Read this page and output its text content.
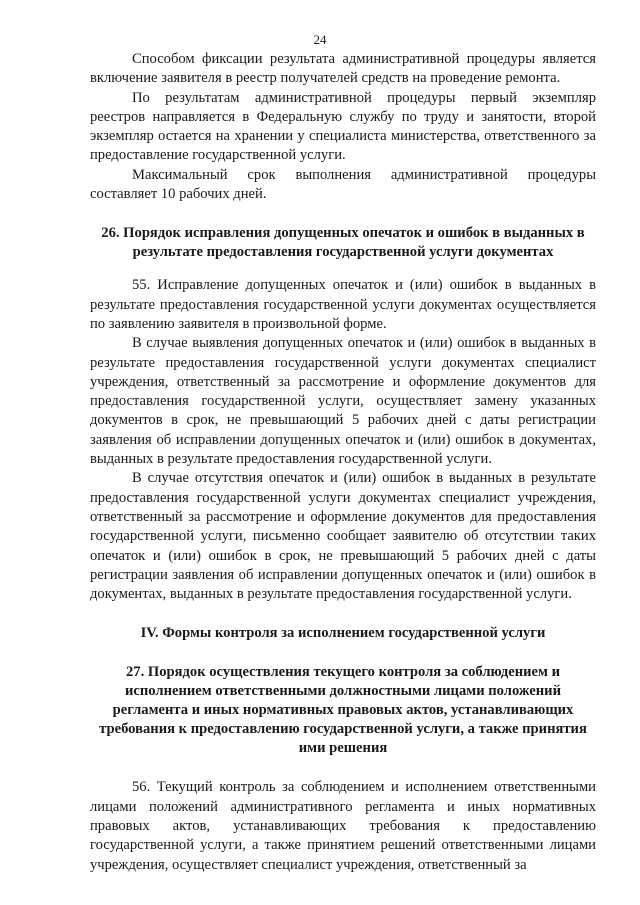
24

Способом фиксации результата административной процедуры является включение заявителя в реестр получателей средств на проведение ремонта.

По результатам административной процедуры первый экземпляр реестров направляется в Федеральную службу по труду и занятости, второй экземпляр остается на хранении у специалиста министерства, ответственного за предоставление государственной услуги.

Максимальный срок выполнения административной процедуры составляет 10 рабочих дней.

26. Порядок исправления допущенных опечаток и ошибок в выданных в результате предоставления государственной услуги документах

55. Исправление допущенных опечаток и (или) ошибок в выданных в результате предоставления государственной услуги документах осуществляется по заявлению заявителя в произвольной форме.

В случае выявления допущенных опечаток и (или) ошибок в выданных в результате предоставления государственной услуги документах специалист учреждения, ответственный за рассмотрение и оформление документов для предоставления государственной услуги, осуществляет замену указанных документов в срок, не превышающий 5 рабочих дней с даты регистрации заявления об исправлении допущенных опечаток и (или) ошибок в документах, выданных в результате предоставления государственной услуги.

В случае отсутствия опечаток и (или) ошибок в выданных в результате предоставления государственной услуги документах специалист учреждения, ответственный за рассмотрение и оформление документов для предоставления государственной услуги, письменно сообщает заявителю об отсутствии таких опечаток и (или) ошибок в срок, не превышающий 5 рабочих дней с даты регистрации заявления об исправлении допущенных опечаток и (или) ошибок в документах, выданных в результате предоставления государственной услуги.

IV. Формы контроля за исполнением государственной услуги

27. Порядок осуществления текущего контроля за соблюдением и исполнением ответственными должностными лицами положений регламента и иных нормативных правовых актов, устанавливающих требования к предоставлению государственной услуги, а также принятия ими решения

56. Текущий контроль за соблюдением и исполнением ответственными лицами положений административного регламента и иных нормативных правовых актов, устанавливающих требования к предоставлению государственной услуги, а также принятием решений ответственными лицами учреждения, осуществляет специалист учреждения, ответственный за
